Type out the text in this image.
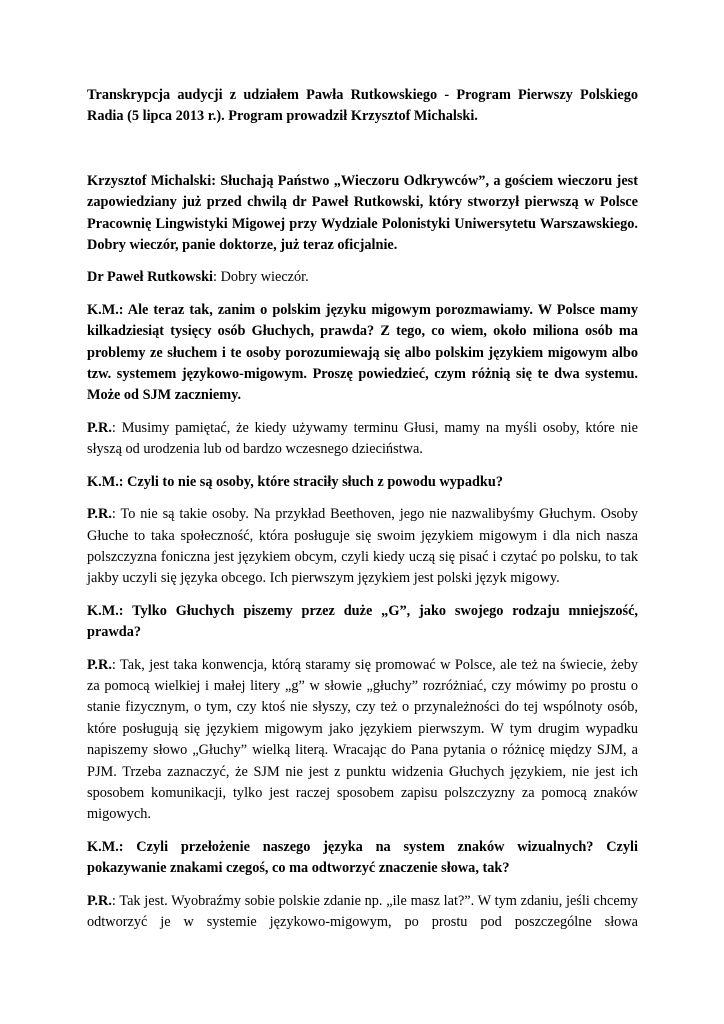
Transkrypcja audycji z udziałem Pawła Rutkowskiego - Program Pierwszy Polskiego Radia (5 lipca 2013 r.). Program prowadził Krzysztof Michalski.

Krzysztof Michalski: Słuchają Państwo „Wieczoru Odkrywców”, a gościem wieczoru jest zapowiedziany już przed chwilą dr Paweł Rutkowski, który stworzył pierwszą w Polsce Pracownię Lingwistyki Migowej przy Wydziale Polonistyki Uniwersytetu Warszawskiego. Dobry wieczór, panie doktorze, już teraz oficjalnie.

Dr Paweł Rutkowski: Dobry wieczór.

K.M.: Ale teraz tak, zanim o polskim języku migowym porozmawiamy. W Polsce mamy kilkadziesiąt tysięcy osób Głuchych, prawda? Z tego, co wiem, około miliona osób ma problemy ze słuchem i te osoby porozumiewają się albo polskim językiem migowym albo tzw. systemem językowo-migowym. Proszę powiedzieć, czym różnią się te dwa systemu. Może od SJM zaczniemy.

P.R.: Musimy pamiętać, że kiedy używamy terminu Głusi, mamy na myśli osoby, które nie słyszą od urodzenia lub od bardzo wczesnego dzieciństwa.

K.M.: Czyli to nie są osoby, które straciły słuch z powodu wypadku?

P.R.: To nie są takie osoby. Na przykład Beethoven, jego nie nazwalibyśmy Głuchym. Osoby Głuche to taka społeczność, która posługuje się swoim językiem migowym i dla nich nasza polszczyzna foniczna jest językiem obcym, czyli kiedy uczą się pisać i czytać po polsku, to tak jakby uczyli się języka obcego. Ich pierwszym językiem jest polski język migowy.

K.M.: Tylko Głuchych piszemy przez duże „G”, jako swojego rodzaju mniejszość, prawda?

P.R.: Tak, jest taka konwencja, którą staramy się promować w Polsce, ale też na świecie, żeby za pomocą wielkiej i małej litery „g” w słowie „głuchy” rozróżniać, czy mówimy po prostu o stanie fizycznym, o tym, czy ktoś nie słyszy, czy też o przynależności do tej wspólnoty osób, które posługują się językiem migowym jako językiem pierwszym. W tym drugim wypadku napiszemy słowo „Głuchy” wielką literą. Wracając do Pana pytania o różnicę między SJM, a PJM. Trzeba zaznaczyć, że SJM nie jest z punktu widzenia Głuchych językiem, nie jest ich sposobem komunikacji, tylko jest raczej sposobem zapisu polszczyzny za pomocą znaków migowych.

K.M.: Czyli przełożenie naszego języka na system znaków wizualnych? Czyli pokazywanie znakami czegoś, co ma odtworzyć znaczenie słowa, tak?

P.R.: Tak jest. Wyobraźmy sobie polskie zdanie np. „ile masz lat?”. W tym zdaniu, jeśli chcemy odtworzyć je w systemie językowo-migowym, po prostu pod poszczególne słowa
